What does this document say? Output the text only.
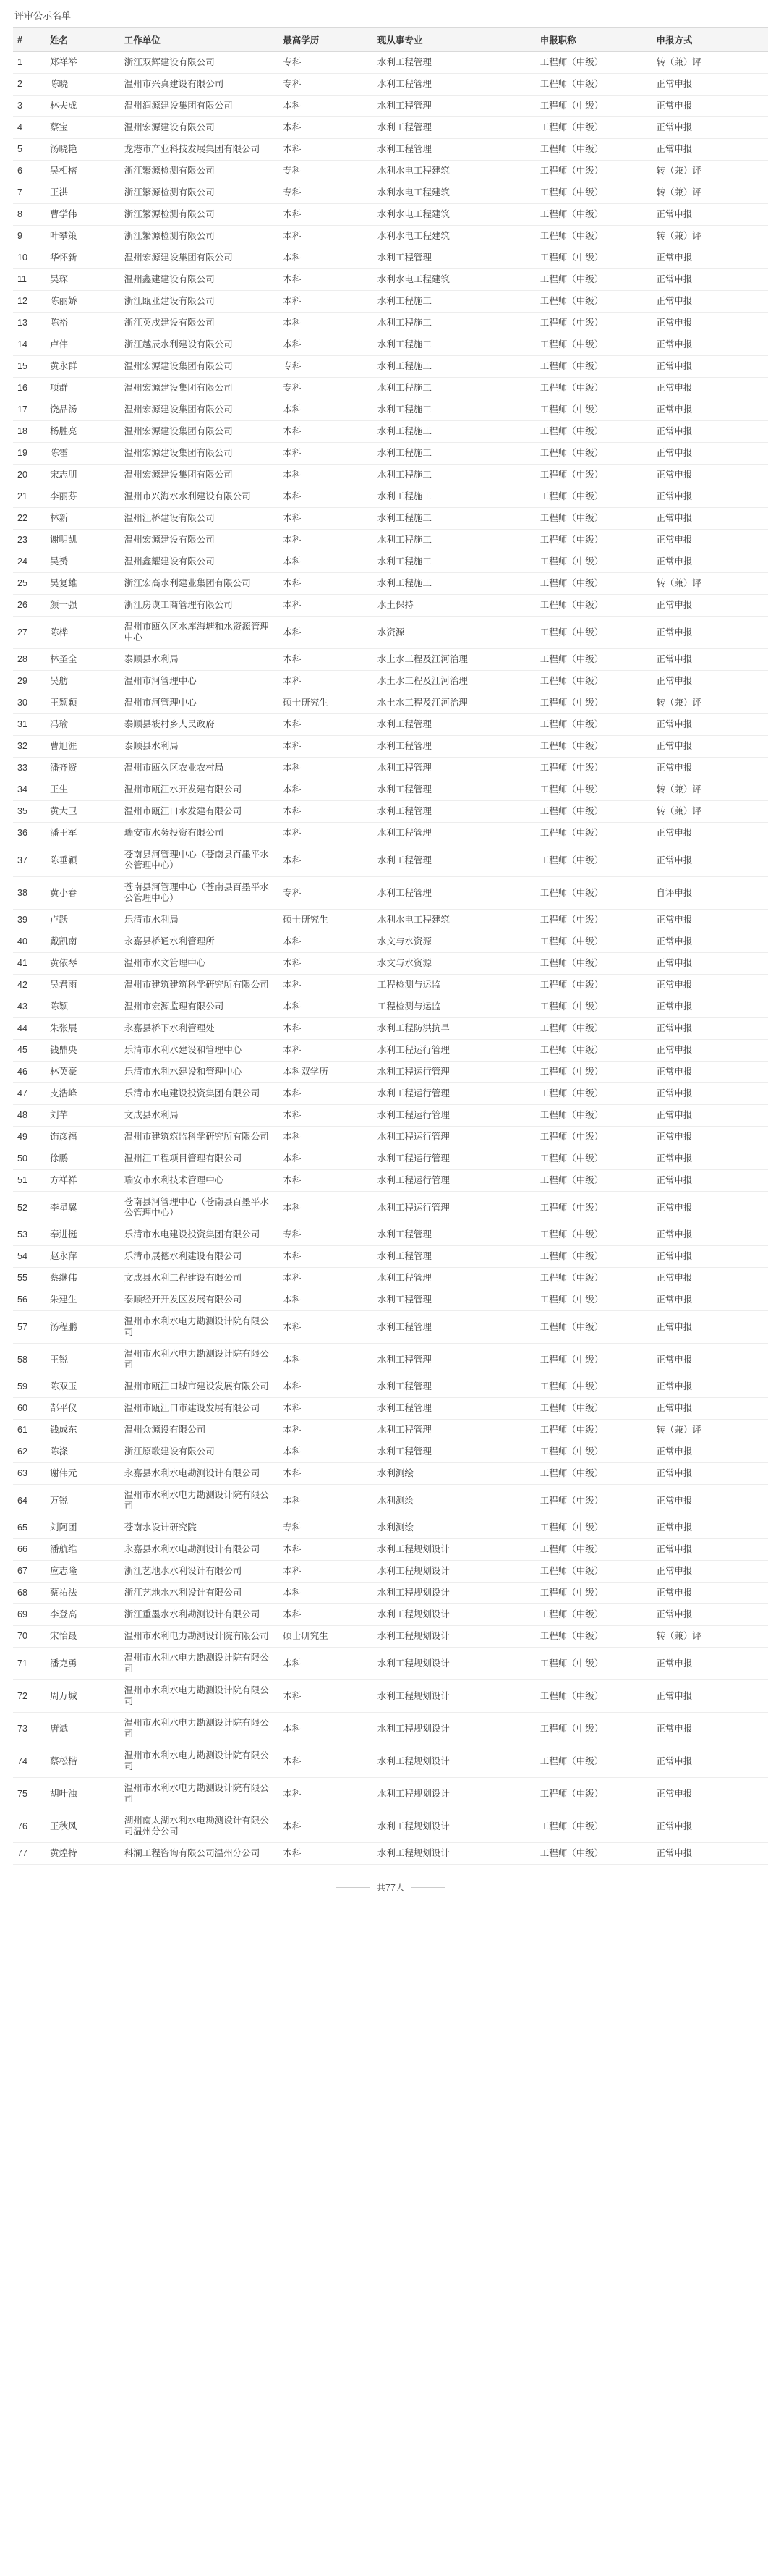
评审公示名单
#	姓名	工作单位	最高学历	现从事专业	申报职称	申报方式
1	郑祥举	浙江双辉建设有限公司	专科	水利工程管理	工程师（中级）	转（兼）评
2	陈晓	温州市兴真建设有限公司	专科	水利工程管理	工程师（中级）	正常申报
3	林夫成	温州润源建设集团有限公司	本科	水利工程管理	工程师（中级）	正常申报
4	蔡宝	温州宏源建设有限公司	本科	水利工程管理	工程师（中级）	正常申报
5	汤晓艳	龙港市产业科技发展集团有限公司	本科	水利工程管理	工程师（中级）	正常申报
6	吴相榕	浙江繁源检测有限公司	专科	水利水电工程建筑	工程师（中级）	转（兼）评
7	王洪	浙江繁源检测有限公司	专科	水利水电工程建筑	工程师（中级）	转（兼）评
8	曹学伟	浙江繁源检测有限公司	本科	水利水电工程建筑	工程师（中级）	正常申报
9	叶攀策	浙江繁源检测有限公司	本科	水利水电工程建筑	工程师（中级）	转（兼）评
10	华怀新	温州宏源建设集团有限公司	本科	水利工程管理	工程师（中级）	正常申报
11	吴琛	温州鑫建建设有限公司	本科	水利水电工程建筑	工程师（中级）	正常申报
12	陈丽娇	浙江瓯亚建设有限公司	本科	水利工程施工	工程师（中级）	正常申报
13	陈裕	浙江英戍建设有限公司	本科	水利工程施工	工程师（中级）	正常申报
14	卢伟	浙江越辰水利建设有限公司	本科	水利工程施工	工程师（中级）	正常申报
15	黄永群	温州宏源建设集团有限公司	专科	水利工程施工	工程师（中级）	正常申报
16	项群	温州宏源建设集团有限公司	专科	水利工程施工	工程师（中级）	正常申报
17	饶品汤	温州宏源建设集团有限公司	本科	水利工程施工	工程师（中级）	正常申报
18	杨胜亮	温州宏源建设集团有限公司	本科	水利工程施工	工程师（中级）	正常申报
19	陈霍	温州宏源建设集团有限公司	本科	水利工程施工	工程师（中级）	正常申报
20	宋志朋	温州宏源建设集团有限公司	本科	水利工程施工	工程师（中级）	正常申报
21	李丽芬	温州市兴海水水利建设有限公司	本科	水利工程施工	工程师（中级）	正常申报
22	林新	温州江桥建设有限公司	本科	水利工程施工	工程师（中级）	正常申报
23	谢明凯	温州宏源建设有限公司	本科	水利工程施工	工程师（中级）	正常申报
24	吴赟	温州鑫耀建设有限公司	本科	水利工程施工	工程师（中级）	正常申报
25	吴复雄	浙江宏高水利建业集团有限公司	本科	水利工程施工	工程师（中级）	转（兼）评
26	颜一强	浙江房谟工商管理有限公司	本科	水土保持	工程师（中级）	正常申报
27	陈桦	温州市瓯久区水库海塘和水资源管理中心	本科	水资源	工程师（中级）	正常申报
28	林圣全	泰顺县水利局	本科	水土水工程及江河治理	工程师（中级）	正常申报
29	吴舫	温州市河管理中心	本科	水土水工程及江河治理	工程师（中级）	正常申报
30	王颖颖	温州市河管理中心	硕士研究生	水土水工程及江河治理	工程师（中级）	转（兼）评
31	冯瑜	泰顺县筱村乡人民政府	本科	水利工程管理	工程师（中级）	正常申报
32	曹旭涯	泰顺县水利局	本科	水利工程管理	工程师（中级）	正常申报
33	潘齐资	温州市瓯久区农业农村局	本科	水利工程管理	工程师（中级）	正常申报
34	王生	温州市瓯江水开发建有限公司	本科	水利工程管理	工程师（中级）	转（兼）评
35	黄大卫	温州市瓯江口水发建有限公司	本科	水利工程管理	工程师（中级）	转（兼）评
36	潘王军	瑞安市水务投资有限公司	本科	水利工程管理	工程师（中级）	正常申报
37	陈垂颖	苍南县河管理中心（苍南县百墨平水公管理中心）	本科	水利工程管理	工程师（中级）	正常申报
38	黄小春	苍南县河管理中心（苍南县百墨平水公管理中心）	专科	水利工程管理	工程师（中级）	自评申报
39	卢跃	乐清市水利局	硕士研究生	水利水电工程建筑	工程师（中级）	正常申报
40	戴凯南	永嘉县桥通水利管理所	本科	水文与水资源	工程师（中级）	正常申报
41	黄依琴	温州市水文管理中心	本科	水文与水资源	工程师（中级）	正常申报
42	吴君雨	温州市建筑建筑科学研究所有限公司	本科	工程检测与运监	工程师（中级）	正常申报
43	陈颖	温州市宏源监理有限公司	本科	工程检测与运监	工程师（中级）	正常申报
44	朱张展	永嘉县桥下水利管理处	本科	水利工程防洪抗旱	工程师（中级）	正常申报
45	钱鼎央	乐清市水利水建设和管理中心	本科	水利工程运行管理	工程师（中级）	正常申报
46	林英豪	乐清市水利水建设和管理中心	本科双学历	水利工程运行管理	工程师（中级）	正常申报
47	支浩峰	乐清市水电建设投资集团有限公司	本科	水利工程运行管理	工程师（中级）	正常申报
48	刘芊	文成县水利局	本科	水利工程运行管理	工程师（中级）	正常申报
49	饰彦福	温州市建筑筑监科学研究所有限公司	本科	水利工程运行管理	工程师（中级）	正常申报
50	徐鹏	温州江工程项目管理有限公司	本科	水利工程运行管理	工程师（中级）	正常申报
51	方祥祥	瑞安市水利技术管理中心	本科	水利工程运行管理	工程师（中级）	正常申报
52	李星翼	苍南县河管理中心（苍南县百墨平水公管理中心）	本科	水利工程运行管理	工程师（中级）	正常申报
53	奉进挺	乐清市水电建设投资集团有限公司	专科	水利工程管理	工程师（中级）	正常申报
54	赵永萍	乐清市展德水利建设有限公司	本科	水利工程管理	工程师（中级）	正常申报
55	蔡继伟	文成县水利工程建设有限公司	本科	水利工程管理	工程师（中级）	正常申报
56	朱建生	泰顺经开开发区发展有限公司	本科	水利工程管理	工程师（中级）	正常申报
57	汤程鹏	温州市水利水电力勘测设计院有限公司	本科	水利工程管理	工程师（中级）	正常申报
58	王锐	温州市水利水电力勘测设计院有限公司	本科	水利工程管理	工程师（中级）	正常申报
59	陈双玉	温州市瓯江口城市建设发展有限公司	本科	水利工程管理	工程师（中级）	正常申报
60	郜平仪	温州市瓯江口市建设发展有限公司	本科	水利工程管理	工程师（中级）	正常申报
61	钱成东	温州众源设有限公司	本科	水利工程管理	工程师（中级）	转（兼）评
62	陈涤	浙江原歌建设有限公司	本科	水利工程管理	工程师（中级）	正常申报
63	谢伟元	永嘉县水利水电勘测设计有限公司	本科	水利测绘	工程师（中级）	正常申报
64	万锐	温州市水利水电力勘测设计院有限公司	本科	水利测绘	工程师（中级）	正常申报
65	刘阿团	苍南水设计研究院	专科	水利测绘	工程师（中级）	正常申报
66	潘航维	永嘉县水利水电勘测设计有限公司	本科	水利工程规划设计	工程师（中级）	正常申报
67	应志隆	浙江艺地水水利设计有限公司	本科	水利工程规划设计	工程师（中级）	正常申报
68	蔡祐法	浙江艺地水水利设计有限公司	本科	水利工程规划设计	工程师（中级）	正常申报
69	李登高	浙江重墨水水利勘测设计有限公司	本科	水利工程规划设计	工程师（中级）	正常申报
70	宋怡最	温州市水利电力勘测设计院有限公司	硕士研究生	水利工程规划设计	工程师（中级）	转（兼）评
71	潘克勇	温州市水利水电力勘测设计院有限公司	本科	水利工程规划设计	工程师（中级）	正常申报
72	周万城	温州市水利水电力勘测设计院有限公司	本科	水利工程规划设计	工程师（中级）	正常申报
73	唐斌	温州市水利水电力勘测设计院有限公司	本科	水利工程规划设计	工程师（中级）	正常申报
74	蔡松楷	温州市水利水电力勘测设计院有限公司	本科	水利工程规划设计	工程师（中级）	正常申报
75	胡叶浊	温州市水利水电力勘测设计院有限公司	本科	水利工程规划设计	工程师（中级）	正常申报
76	王秋风	湖州南太湖水利水电勘测设计有限公司温州分公司	本科	水利工程规划设计	工程师（中级）	正常申报
77	黄煌特	科澜工程咨询有限公司温州分公司	本科	水利工程规划设计	工程师（中级）	正常申报
共77人
